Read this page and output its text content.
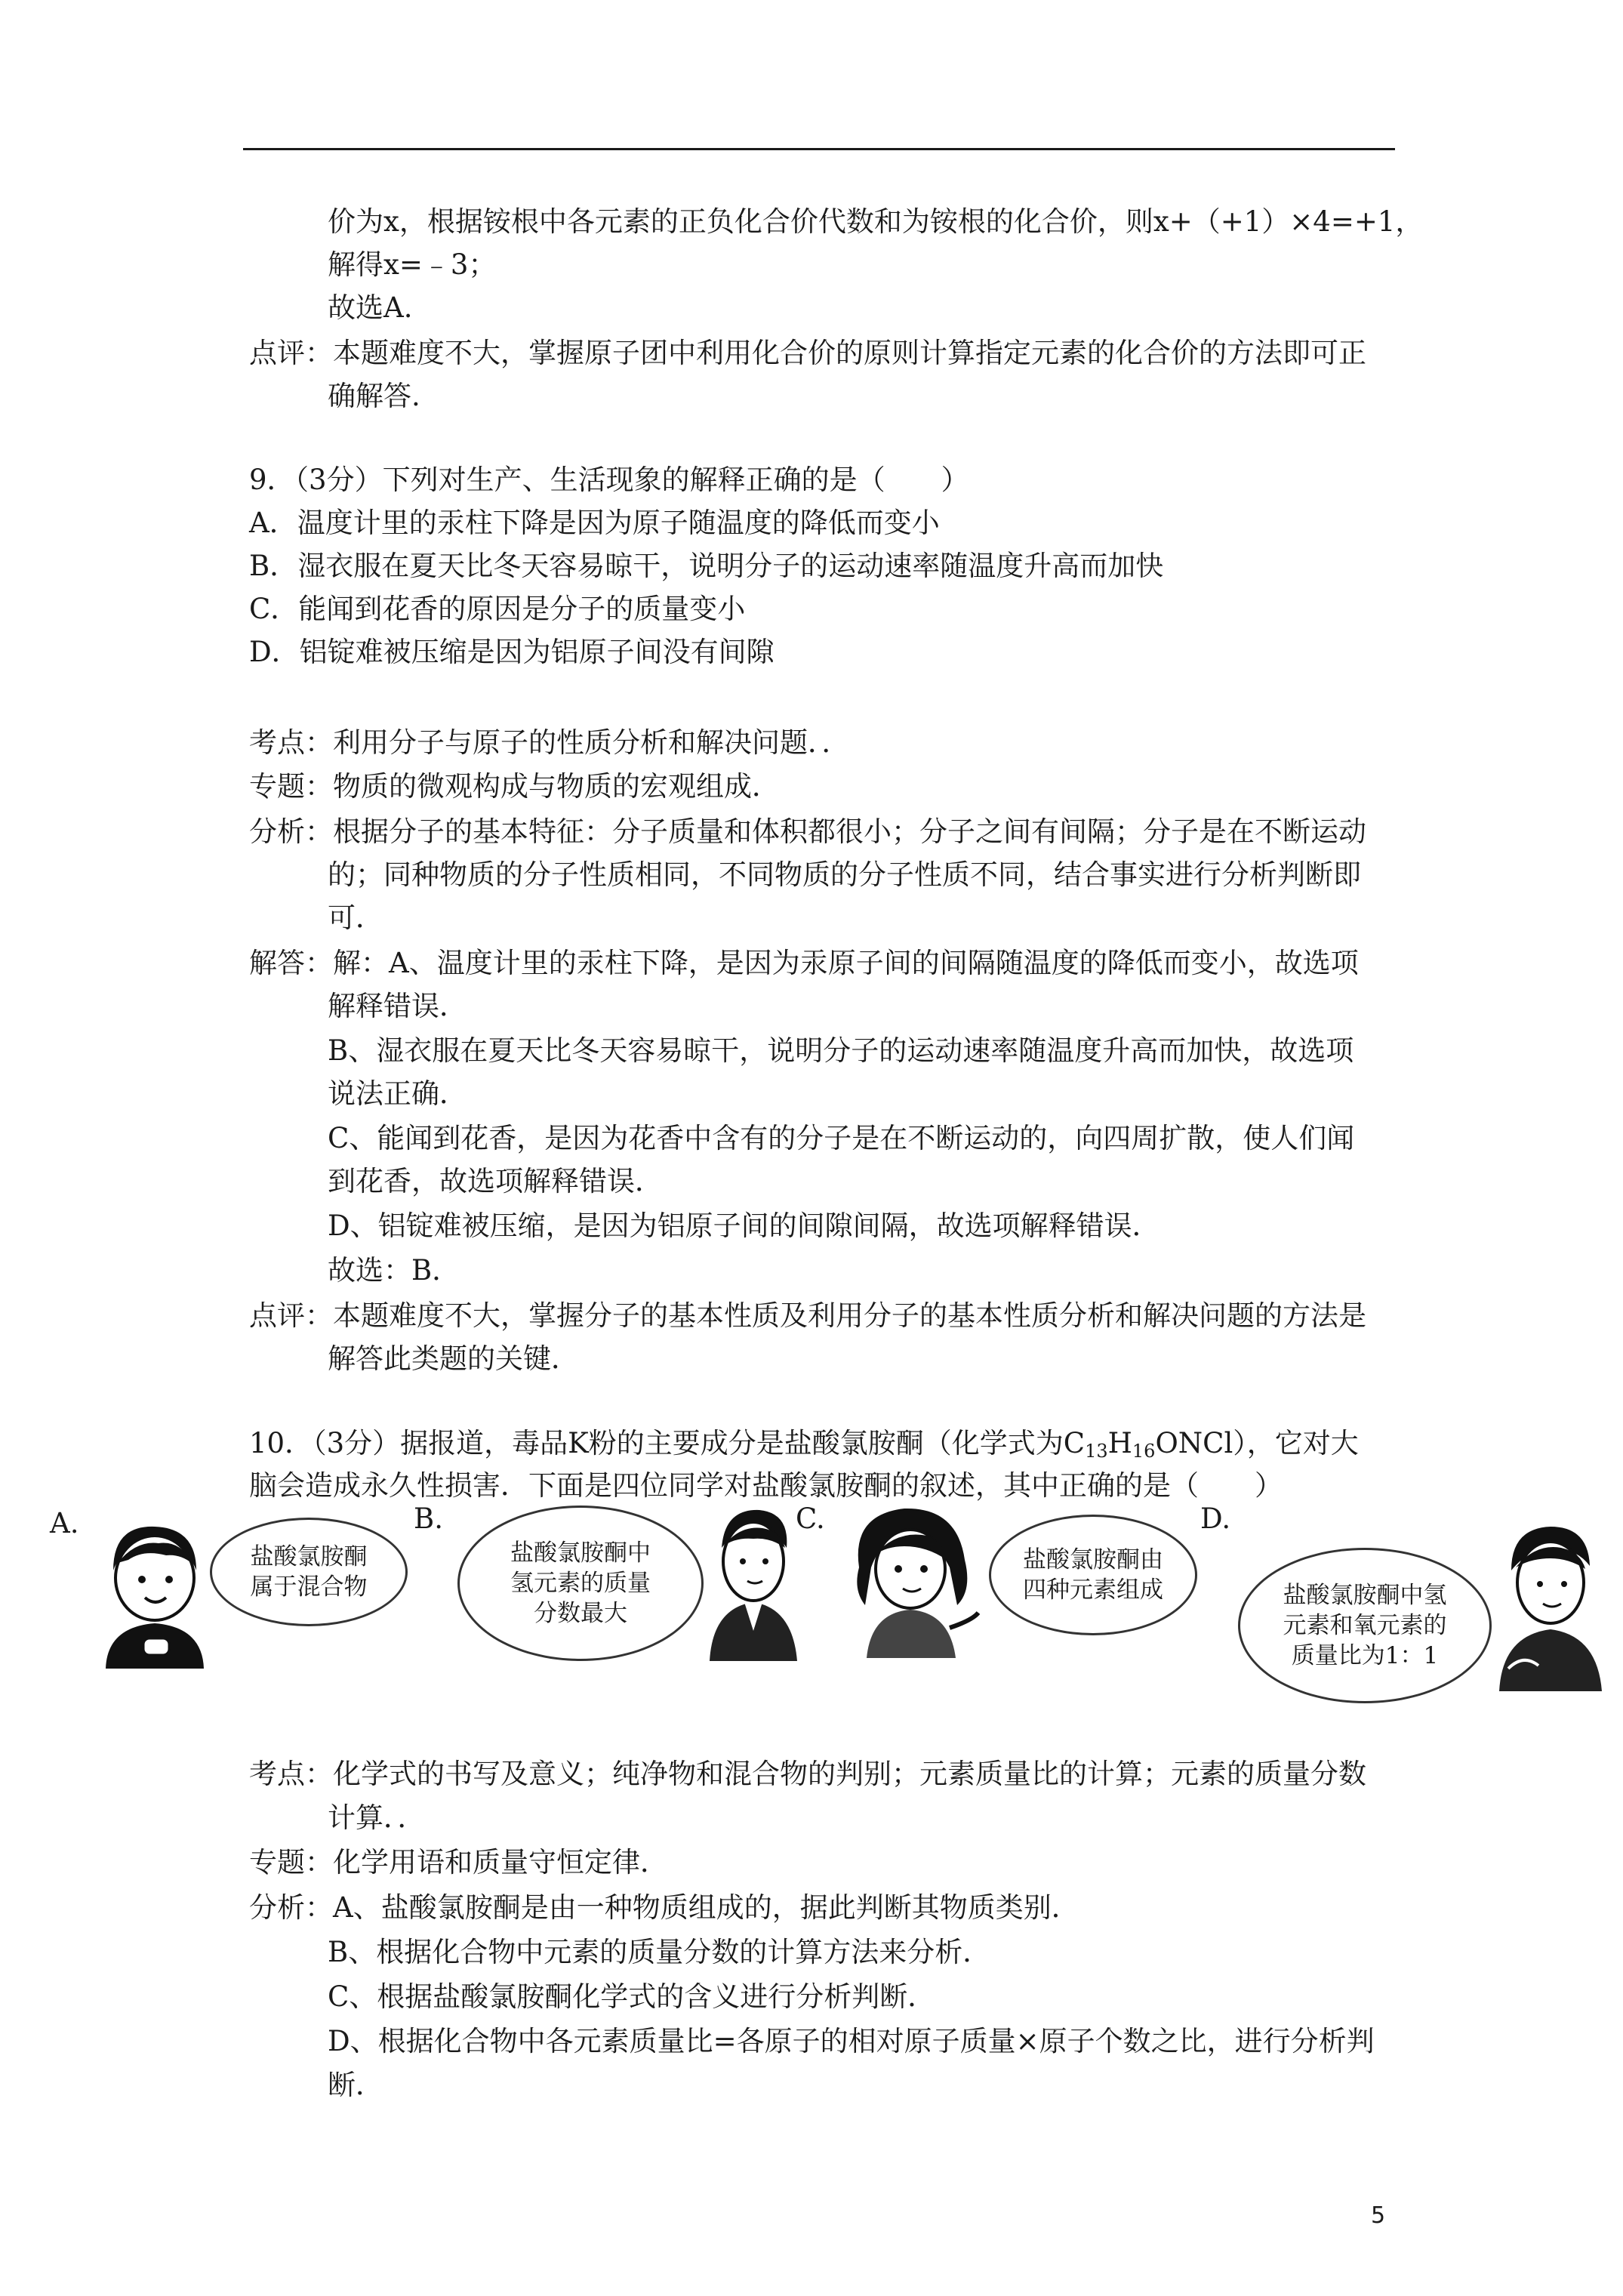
价为x，根据铵根中各元素的正负化合价代数和为铵根的化合价，则x+（+1）×4=+1，
解得x=﹣3；
故选A.
点评：本题难度不大，掌握原子团中利用化合价的原则计算指定元素的化合价的方法即可正
确解答.
9．（3分）下列对生产、生活现象的解释正确的是（　　）
A．温度计里的汞柱下降是因为原子随温度的降低而变小
B．湿衣服在夏天比冬天容易晾干，说明分子的运动速率随温度升高而加快
C．能闻到花香的原因是分子的质量变小
D．铝锭难被压缩是因为铝原子间没有间隙
考点：利用分子与原子的性质分析和解决问题．．
专题：物质的微观构成与物质的宏观组成．
分析：根据分子的基本特征：分子质量和体积都很小；分子之间有间隔；分子是在不断运动
的；同种物质的分子性质相同，不同物质的分子性质不同，结合事实进行分析判断即
可．
解答：解：A、温度计里的汞柱下降，是因为汞原子间的间隔随温度的降低而变小，故选项
解释错误．
B、湿衣服在夏天比冬天容易晾干，说明分子的运动速率随温度升高而加快，故选项
说法正确．
C、能闻到花香，是因为花香中含有的分子是在不断运动的，向四周扩散，使人们闻
到花香，故选项解释错误．
D、铝锭难被压缩，是因为铝原子间的间隙间隔，故选项解释错误．
故选：B．
点评：本题难度不大，掌握分子的基本性质及利用分子的基本性质分析和解决问题的方法是
解答此类题的关键．
10．（3分）据报道，毒品K粉的主要成分是盐酸氯胺酮（化学式为$C_{13}H_{16}ONCl$），它对大
脑会造成永久性损害．下面是四位同学对盐酸氯胺酮的叙述，其中正确的是（　　）
A.	B.	C.	D.
盐酸氯胺酮
属于混合物
盐酸氯胺酮中
氢元素的质量
分数最大
盐酸氯胺酮由
四种元素组成	盐酸氯胺酮中氢
元素和氧元素的
质量比为1：1
考点：化学式的书写及意义；纯净物和混合物的判别；元素质量比的计算；元素的质量分数
计算．．
专题：化学用语和质量守恒定律．
分析：A、盐酸氯胺酮是由一种物质组成的，据此判断其物质类别．
B、根据化合物中元素的质量分数的计算方法来分析．
C、根据盐酸氯胺酮化学式的含义进行分析判断．
D、根据化合物中各元素质量比=各原子的相对原子质量×原子个数之比，进行分析判
断．
5
